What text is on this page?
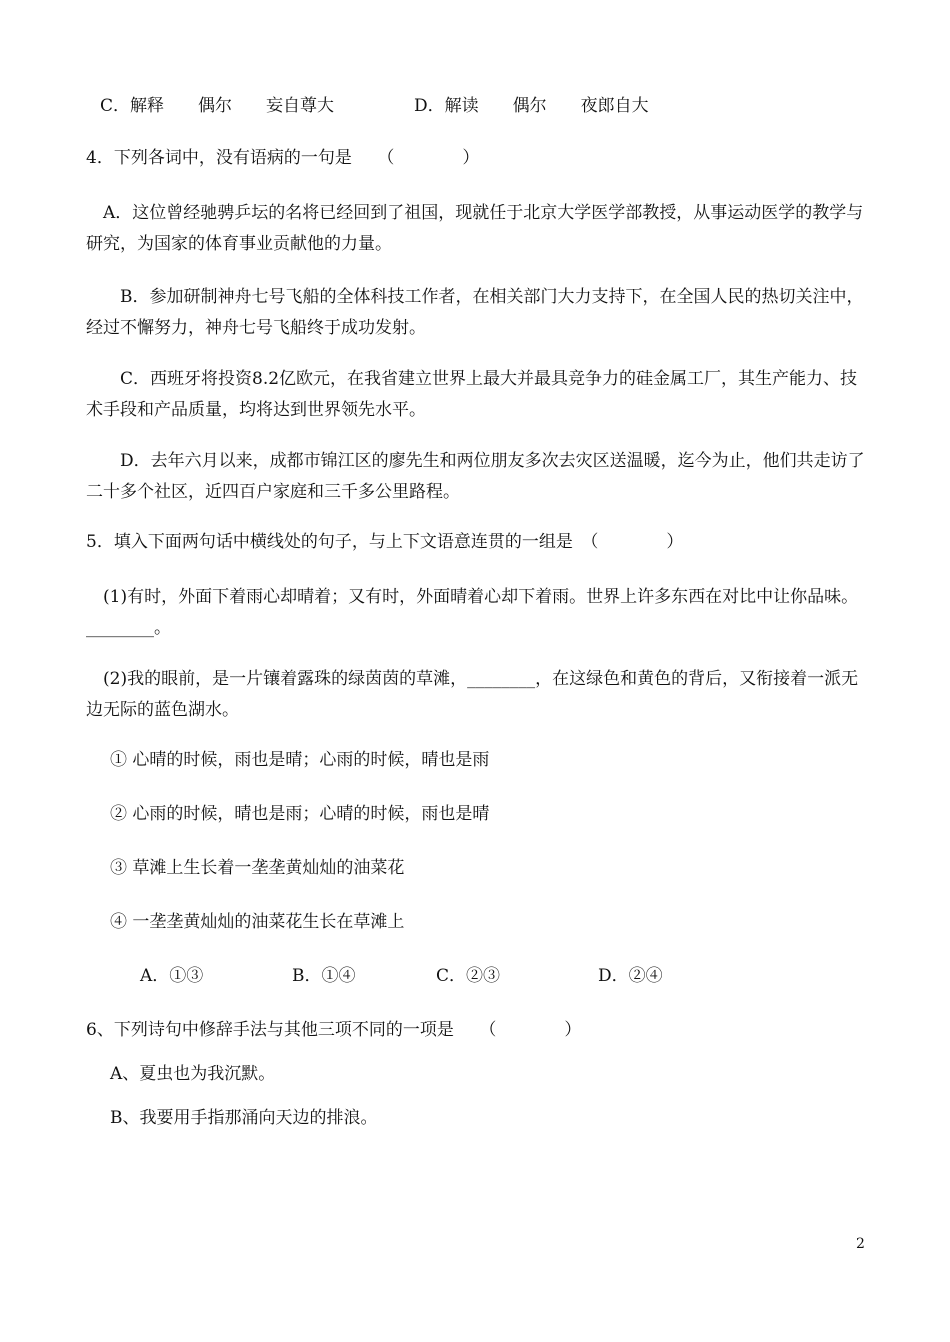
C．解释　　偶尔　　妄自尊大	D．解读　　偶尔　　夜郎自大
4．下列各词中，没有语病的一句是　　（　　　　）
　A．这位曾经驰骋乒坛的名将已经回到了祖国，现就任于北京大学医学部教授，从事运动医学的教学与研究，为国家的体育事业贡献他的力量。
　　B．参加研制神舟七号飞船的全体科技工作者，在相关部门大力支持下，在全国人民的热切关注中，经过不懈努力，神舟七号飞船终于成功发射。
　　C．西班牙将投资8.2亿欧元，在我省建立世界上最大并最具竞争力的硅金属工厂，其生产能力、技术手段和产品质量，均将达到世界领先水平。
　　D．去年六月以来，成都市锦江区的廖先生和两位朋友多次去灾区送温暖，迄今为止，他们共走访了二十多个社区，近四百户家庭和三千多公里路程。
5．填入下面两句话中横线处的句子，与上下文语意连贯的一组是　（　　　　）
　(1)有时，外面下着雨心却晴着；又有时，外面晴着心却下着雨。世界上许多东西在对比中让你品味。________。
　(2)我的眼前，是一片镶着露珠的绿茵茵的草滩，________，在这绿色和黄色的背后，又衔接着一派无边无际的蓝色湖水。
① 心晴的时候，雨也是晴；心雨的时候，晴也是雨
② 心雨的时候，晴也是雨；心晴的时候，雨也是晴
③ 草滩上生长着一垄垄黄灿灿的油菜花
④ 一垄垄黄灿灿的油菜花生长在草滩上
A．①③	B．①④	C．②③	D．②④
6、下列诗句中修辞手法与其他三项不同的一项是　　（　　　　）
A、夏虫也为我沉默。
B、我要用手指那涌向天边的排浪。
2
